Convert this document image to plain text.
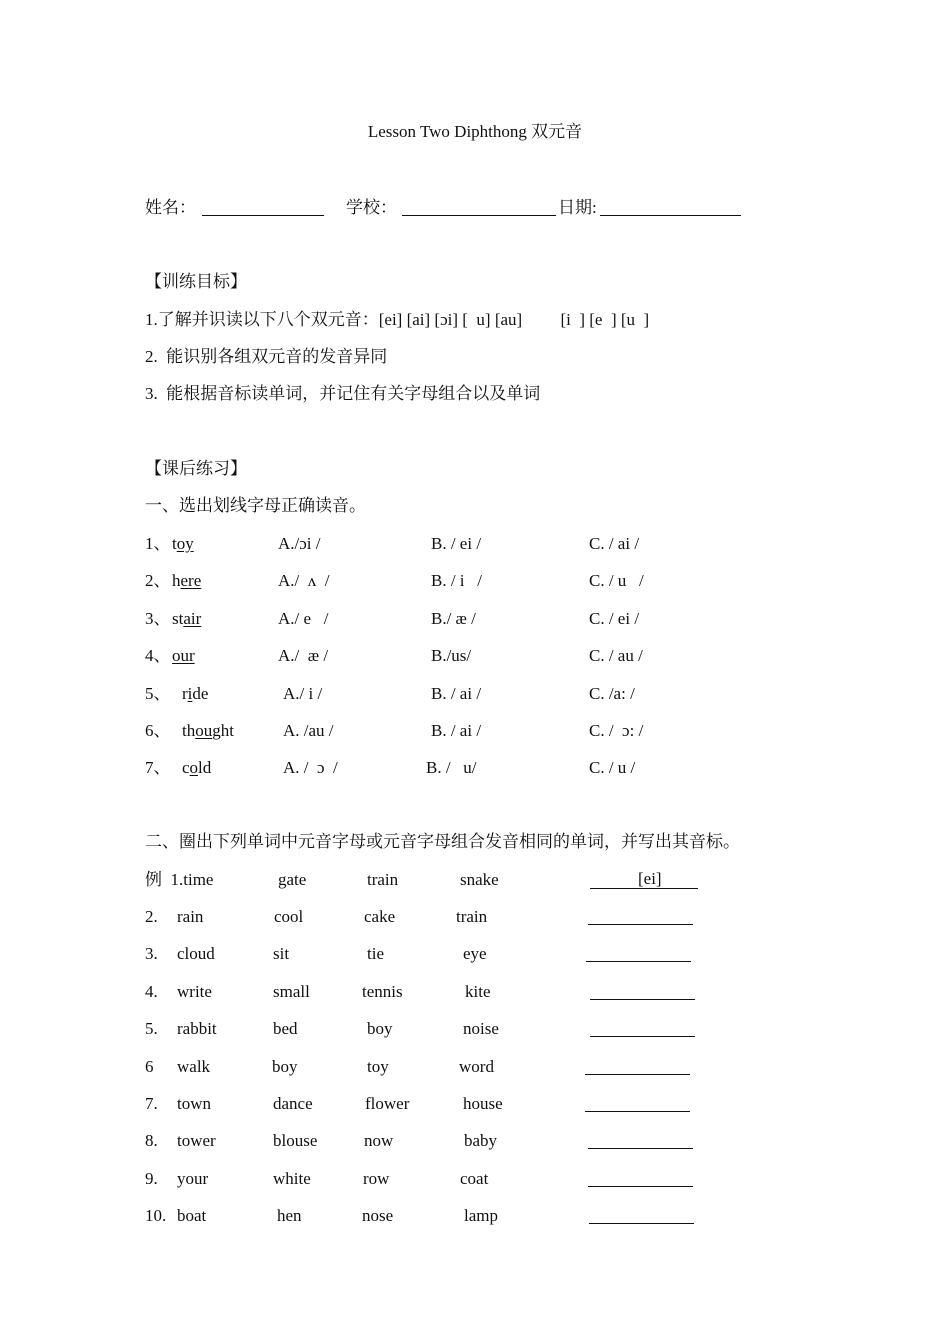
Lesson Two Diphthong 双元音
姓名：	学校：	日期:
【训练目标】
1.了解并识读以下八个双元音：[ei] [ai] [ɔi] [  u] [au]         [i  ] [e  ] [u  ]
2.  能识别各组双元音的发音异同
3.  能根据音标读单词，并记住有关字母组合以及单词
【课后练习】
一、选出划线字母正确读音。
1、 toy	A./ɔi /	B. / ei /	C. / ai /
2、 here	A./  ʌ  /	B. / i   /	C. / u   /
3、 stair	A./ e   /	B./ æ /	C. / ei /
4、 our	A./  æ /	B./us/	C. / au /
5、 ride	A./ i /	B. / ai /	C. /a: /
6、 thought	A. /au /	B. / ai /	C. /  ɔ: /
7、 cold	A. /  ɔ  /	B. /   u/	C. / u /
二、圈出下列单词中元音字母或元音字母组合发音相同的单词，并写出其音标。
例  1.time	gate	train	snake	[ei]
2. rain	cool	cake	train
3. cloud	sit	tie	eye
4. write	small	tennis	kite
5. rabbit	bed	boy	noise
6 walk	boy	toy	word
7. town	dance	flower	house
8. tower	blouse	now	baby
9. your	white	row	coat
10. boat	hen	nose	lamp
